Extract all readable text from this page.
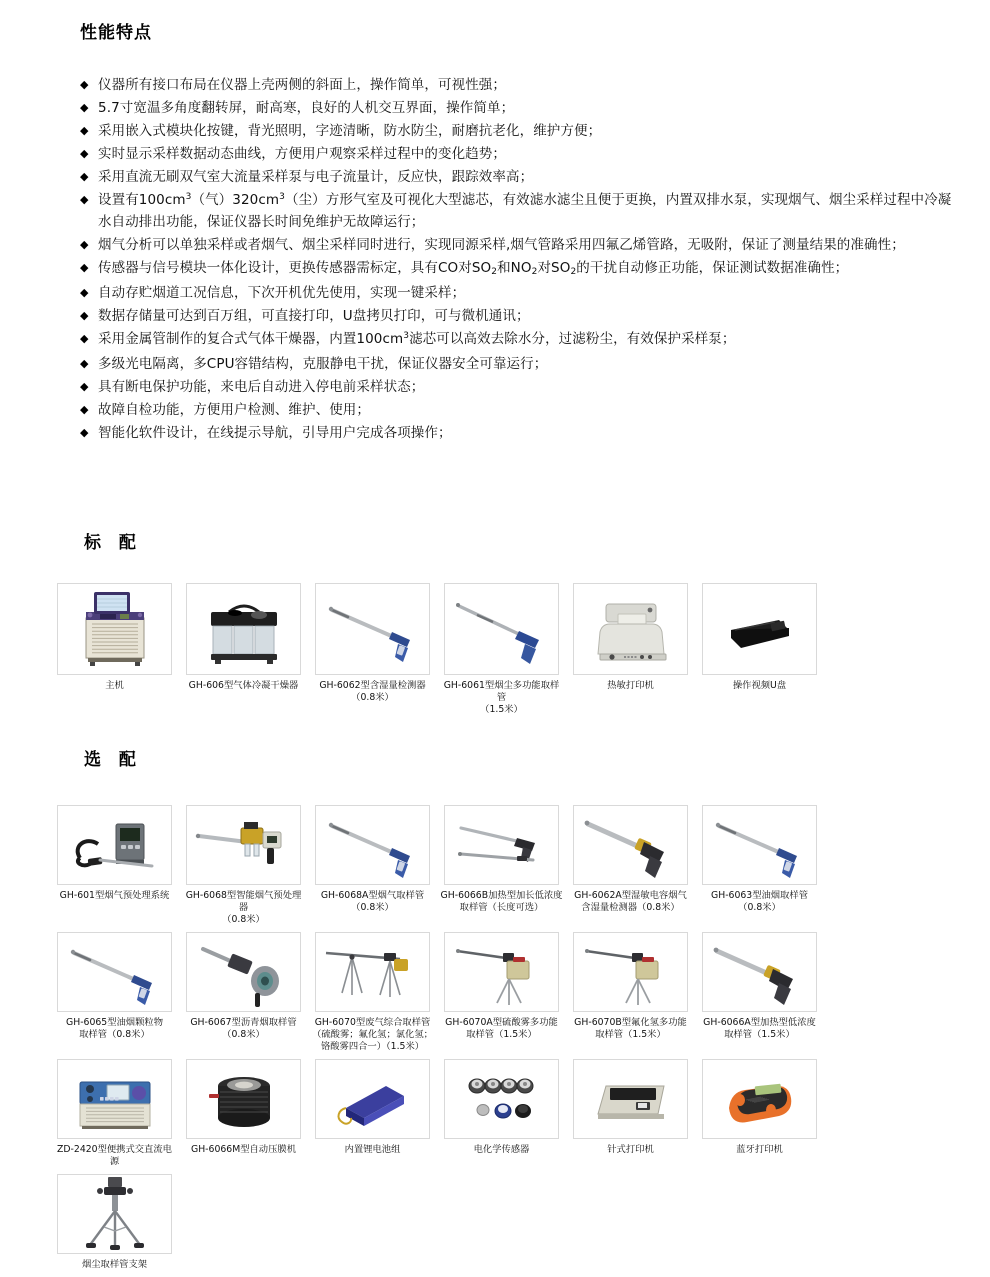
性能特点
◆ 仪器所有接口布局在仪器上壳两侧的斜面上，操作简单，可视性强；
◆ 5.7寸宽温多角度翻转屏，耐高寒，良好的人机交互界面，操作简单；
◆ 采用嵌入式模块化按键，背光照明，字迹清晰，防水防尘，耐磨抗老化，维护方便；
◆ 实时显示采样数据动态曲线，方便用户观察采样过程中的变化趋势；
◆ 采用直流无刷双气室大流量采样泵与电子流量计，反应快，跟踪效率高；
◆ 设置有$100cm^3$（气）$320cm^3$（尘）方形气室及可视化大型滤芯，有效滤水滤尘且便于更换，内置双排水泵，实现烟气、烟尘采样过程中冷凝水自动排出功能，保证仪器长时间免维护无故障运行；
◆ 烟气分析可以单独采样或者烟气、烟尘采样同时进行，实现同源采样,烟气管路采用四氟乙烯管路，无吸附，保证了测量结果的准确性；
◆ 传感器与信号模块一体化设计，更换传感器需标定，具有CO对$SO_2$和$NO_2$对$SO_2$的干扰自动修正功能，保证测试数据准确性；
◆ 自动存贮烟道工况信息，下次开机优先使用，实现一键采样；
◆ 数据存储量可达到百万组，可直接打印，U盘拷贝打印，可与微机通讯；
◆ 采用金属管制作的复合式气体干燥器，内置$100cm^3$滤芯可以高效去除水分，过滤粉尘，有效保护采样泵；
◆ 多级光电隔离，多CPU容错结构，克服静电干扰，保证仪器安全可靠运行；
◆ 具有断电保护功能，来电后自动进入停电前采样状态；
◆ 故障自检功能，方便用户检测、维护、使用；
◆ 智能化软件设计，在线提示导航，引导用户完成各项操作；
标 配
主机	GH-606型气体冷凝干燥器	GH-6062型含湿量检测器
（0.8米）
GH-6061型烟尘多功能取样管
（1.5米）
热敏打印机	操作视频U盘
选 配
GH-601型烟气预处理系统	GH-6068型智能烟气预处理器
（0.8米）
GH-6068A型烟气取样管
（0.8米）
GH-6066B加热型加长低浓度
取样管（长度可选）
GH-6062A型湿敏电容烟气
含湿量检测器（0.8米）
GH-6063型油烟取样管
（0.8米）
GH-6065型油烟颗粒物
取样管（0.8米）
GH-6067型沥青烟取样管
（0.8米）
GH-6070型废气综合取样管
（硫酸雾；氟化氢；氯化氢；
铬酸雾四合一）（1.5米）
GH-6070A型硫酸雾多功能
取样管（1.5米）
GH-6070B型氟化氢多功能
取样管（1.5米）
GH-6066A型加热型低浓度
取样管（1.5米）
ZD-2420型便携式交直流电源
GH-6066M型自动压膜机	内置锂电池组	电化学传感器	针式打印机	蓝牙打印机
烟尘取样管支架
